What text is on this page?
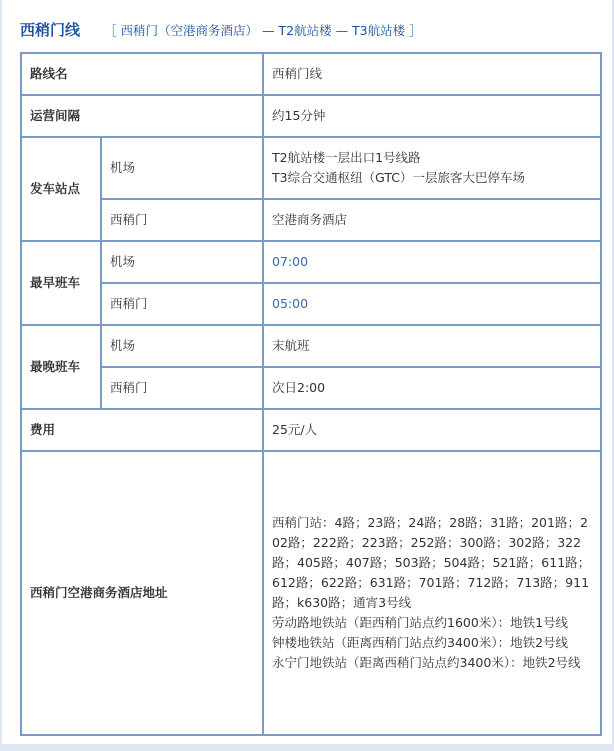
西稍门线 ［ 西稍门（空港商务酒店） — T2航站楼 — T3航站楼 ］
路线名		西稍门线
运营间隔		约15分钟
发车站点	机场	T2航站楼一层出口1号线路
T3综合交通枢纽（GTC）一层旅客大巴停车场

	西稍门	空港商务酒店
最早班车	机场	07:00
	西稍门	05:00
最晚班车	机场	末航班
	西稍门	次日2:00
费用		25元/人
西稍门空港商务酒店地址		西稍门站：4路；23路；24路；28路；31路；201路；202路；222路；223路；252路；300路；302路；322路；405路；407路；503路；504路；521路；611路；612路；622路；631路；701路；712路；713路；911路；k630路；通宵3号线
劳动路地铁站（距西稍门站点约1600米）：地铁1号线
钟楼地铁站（距离西稍门站点约3400米）：地铁2号线
永宁门地铁站（距离西稍门站点约3400米）：地铁2号线
